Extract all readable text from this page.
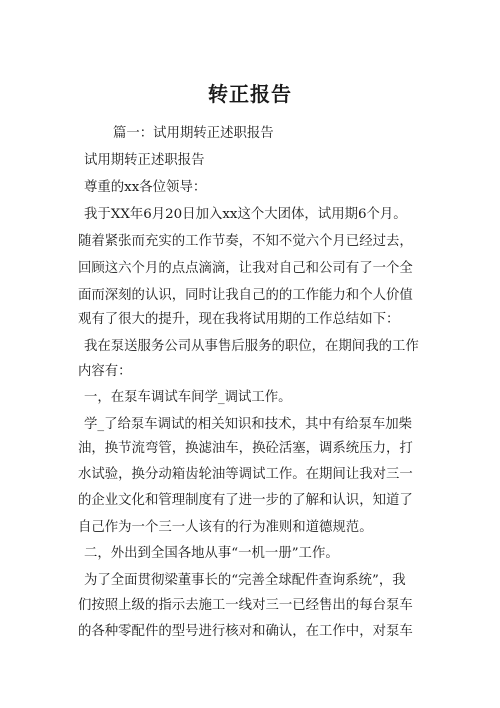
转正报告
篇一：试用期转正述职报告
试用期转正述职报告
尊重的xx各位领导：
我于XX年6月20日加入xx这个大团体，试用期6个月。
随着紧张而充实的工作节奏，不知不觉六个月已经过去，
回顾这六个月的点点滴滴，让我对自己和公司有了一个全
面而深刻的认识，同时让我自己的的工作能力和个人价值
观有了很大的提升，现在我将试用期的工作总结如下：
我在泵送服务公司从事售后服务的职位，在期间我的工作
内容有：
一，在泵车调试车间学_调试工作。
学_了给泵车调试的相关知识和技术，其中有给泵车加柴
油，换节流弯管，换滤油车，换砼活塞，调系统压力，打
水试验，换分动箱齿轮油等调试工作。在期间让我对三一
的企业文化和管理制度有了进一步的了解和认识，知道了
自己作为一个三一人该有的行为准则和道德规范。
二，外出到全国各地从事“一机一册”工作。
为了全面贯彻梁董事长的“完善全球配件查询系统”，我
们按照上级的指示去施工一线对三一已经售出的每台泵车
的各种零配件的型号进行核对和确认，在工作中，对泵车
